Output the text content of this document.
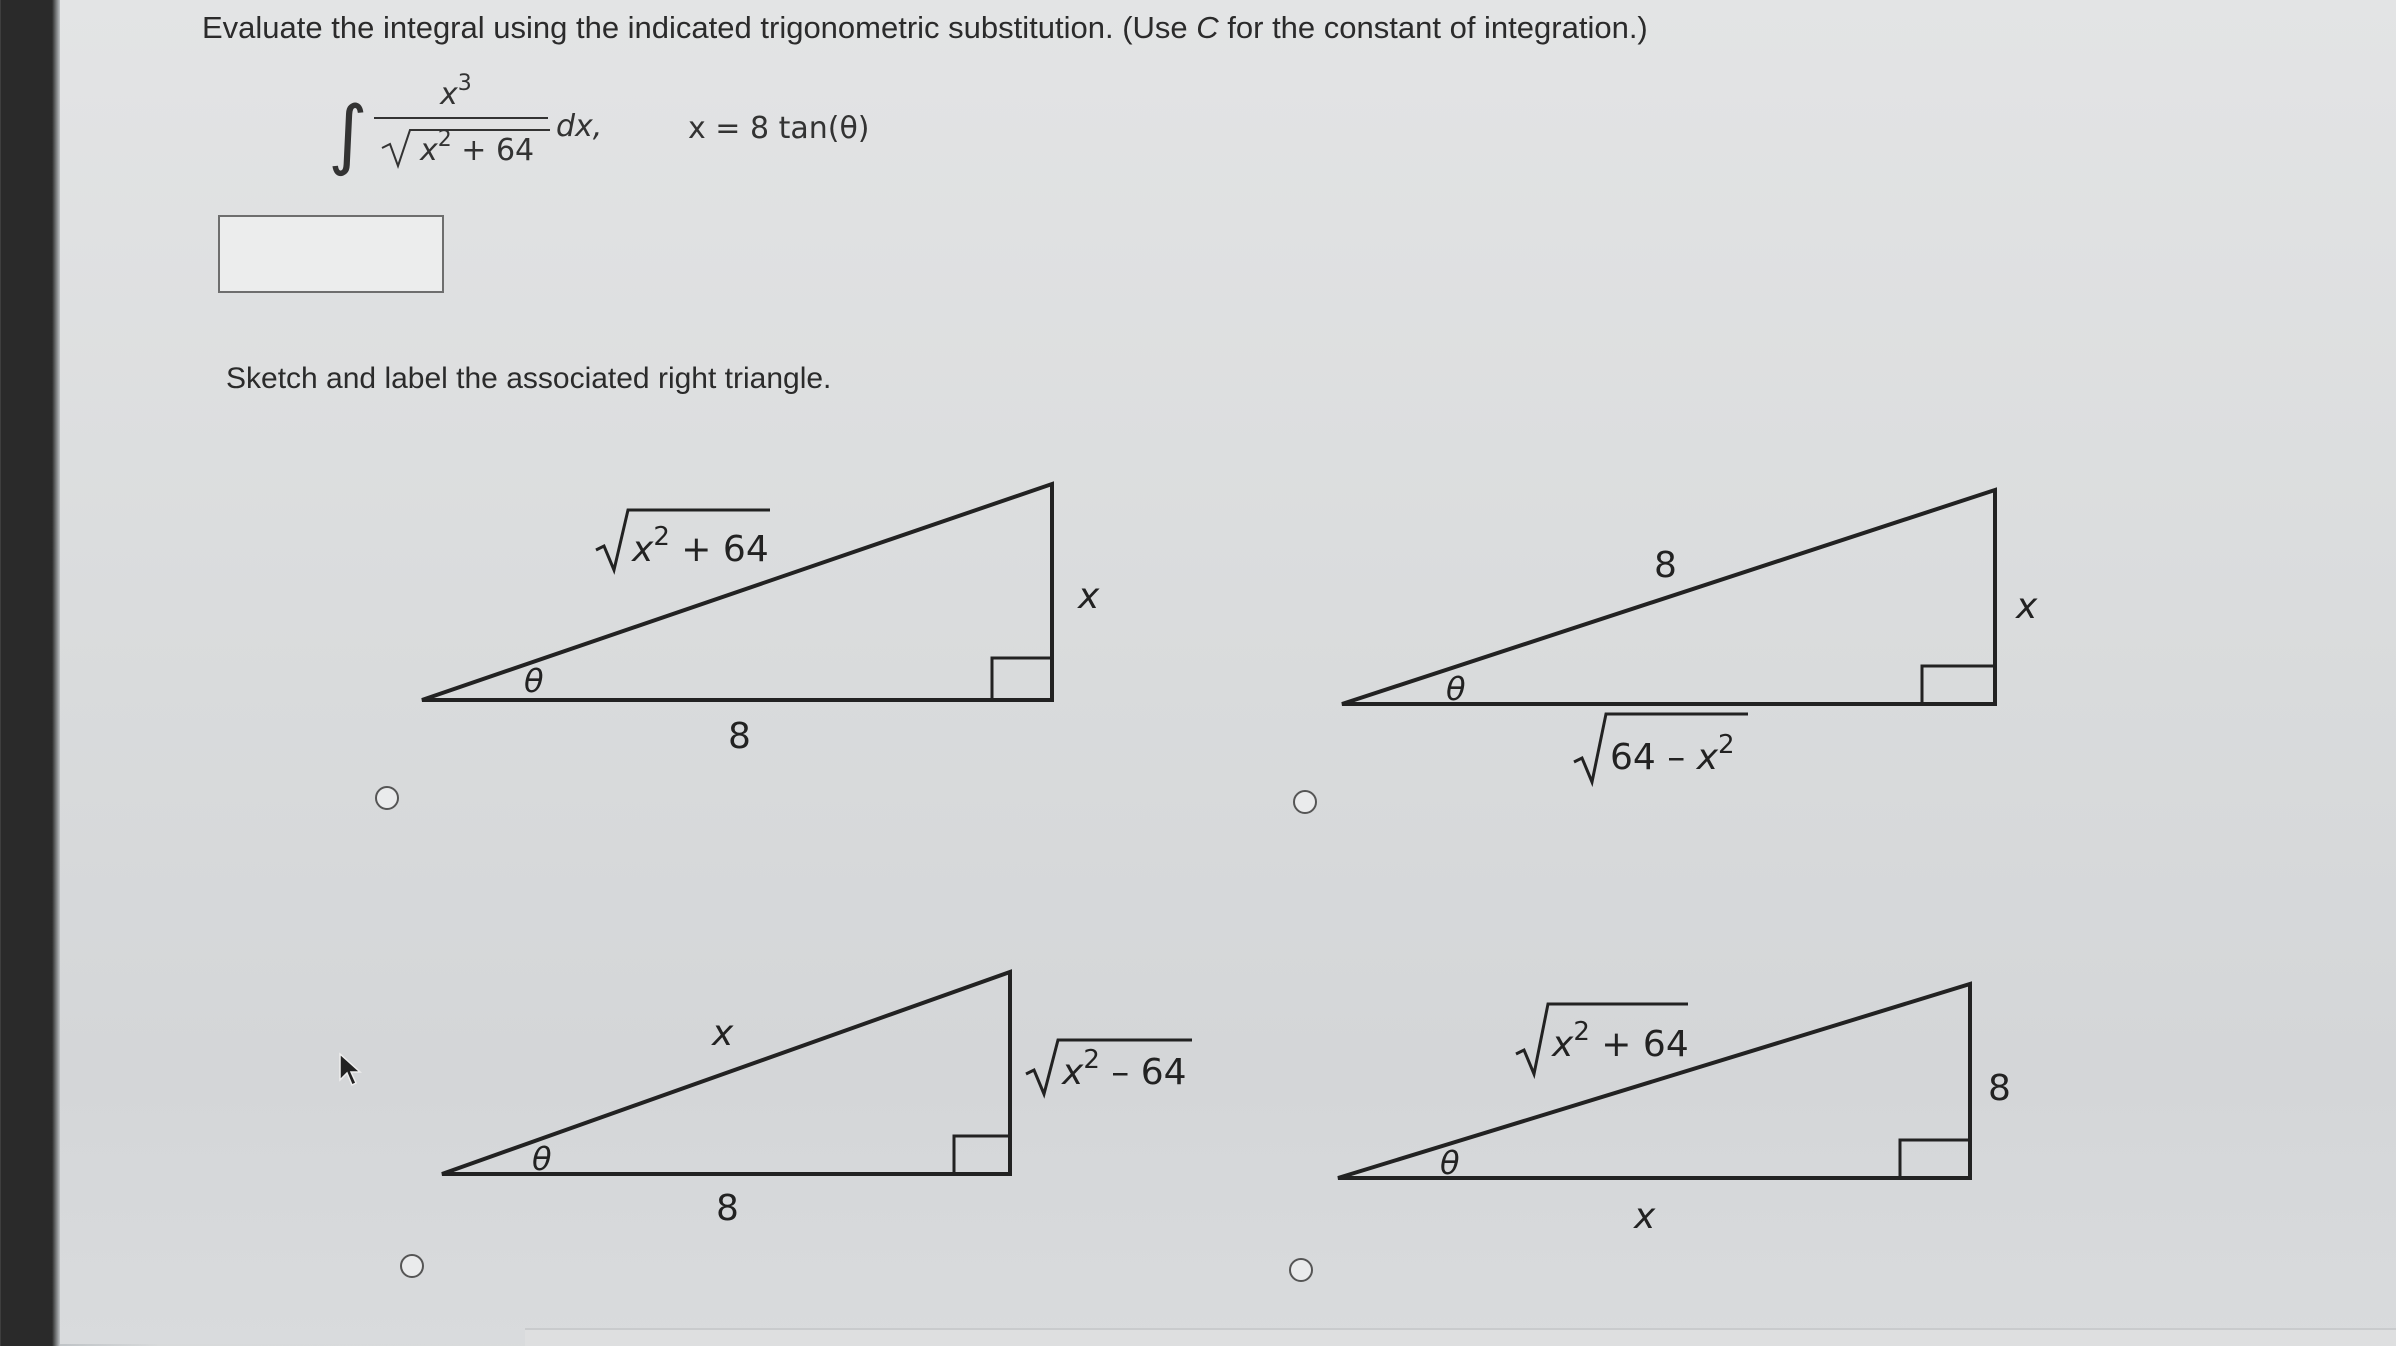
Evaluate the integral using the indicated trigonometric substitution. (Use C for the constant of integration.)
∫ $x^3$
$x^2 + 64$
dx,	x = 8 tan(θ)
Sketch and label the associated right triangle.
$x^2 + 64$
x
8
θ
8
x
$64 - x^2$
θ
x
$x^2 - 64$
8
θ
$x^2 + 64$
8
x
θ
